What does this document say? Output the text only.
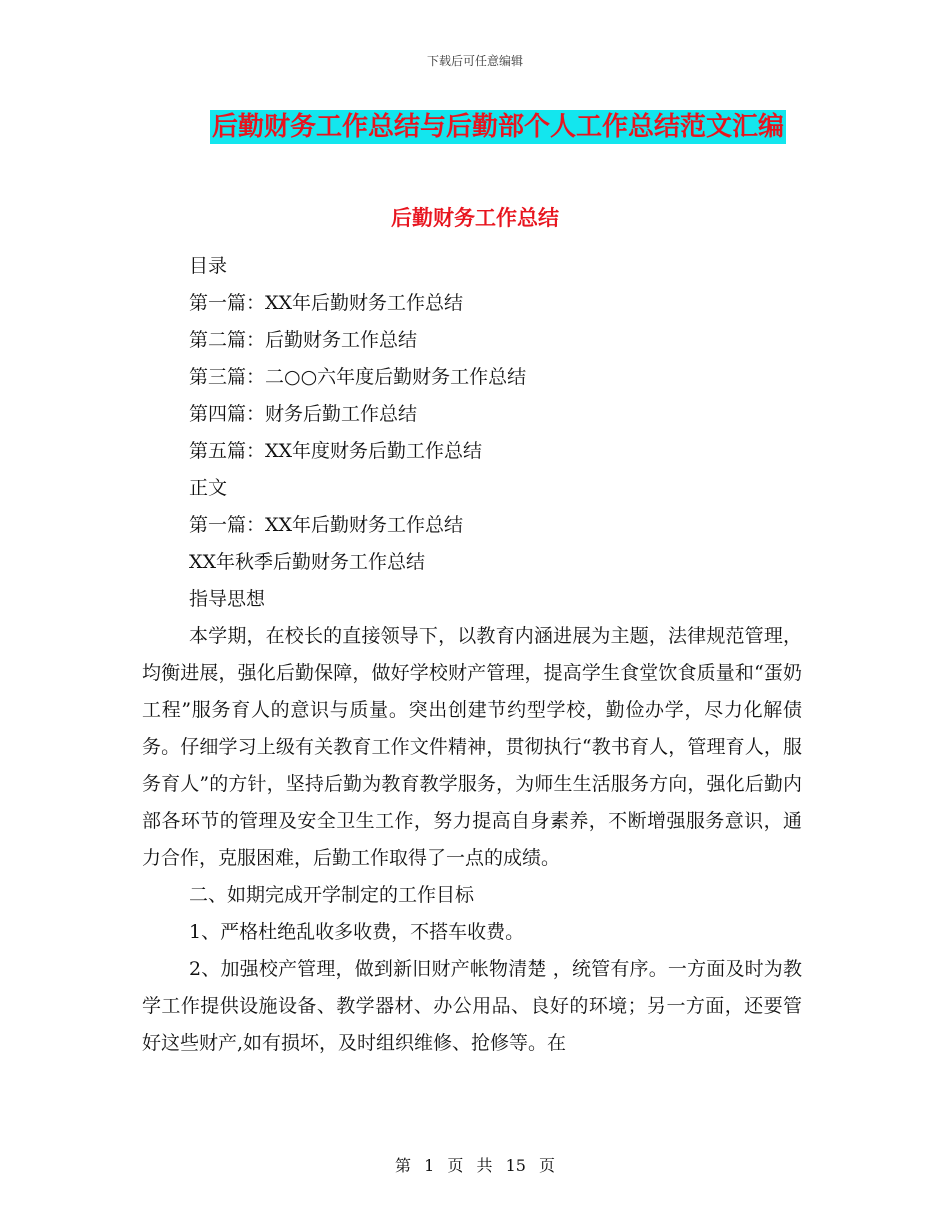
下载后可任意编辑
后勤财务工作总结与后勤部个人工作总结范文汇编
后勤财务工作总结
目录
第一篇：XX年后勤财务工作总结
第二篇：后勤财务工作总结
第三篇：二○○六年度后勤财务工作总结
第四篇：财务后勤工作总结
第五篇：XX年度财务后勤工作总结
正文
第一篇：XX年后勤财务工作总结
XX年秋季后勤财务工作总结
指导思想

本学期，在校长的直接领导下，以教育内涵进展为主题，法律规范管理，均衡进展，强化后勤保障，做好学校财产管理，提高学生食堂饮食质量和“蛋奶工程”服务育人的意识与质量。突出创建节约型学校，勤俭办学，尽力化解债务。仔细学习上级有关教育工作文件精神，贯彻执行“教书育人，管理育人，服务育人”的方针，坚持后勤为教育教学服务，为师生生活服务方向，强化后勤内部各环节的管理及安全卫生工作，努力提高自身素养，不断增强服务意识，通力合作，克服困难，后勤工作取得了一点的成绩。

二、如期完成开学制定的工作目标
1、严格杜绝乱收多收费，不搭车收费。

2、加强校产管理，做到新旧财产帐物清楚 ，统管有序。一方面及时为教学工作提供设施设备、教学器材、办公用品、良好的环境；另一方面，还要管好这些财产,如有损坏，及时组织维修、抢修等。在

第 1 页 共 15 页
